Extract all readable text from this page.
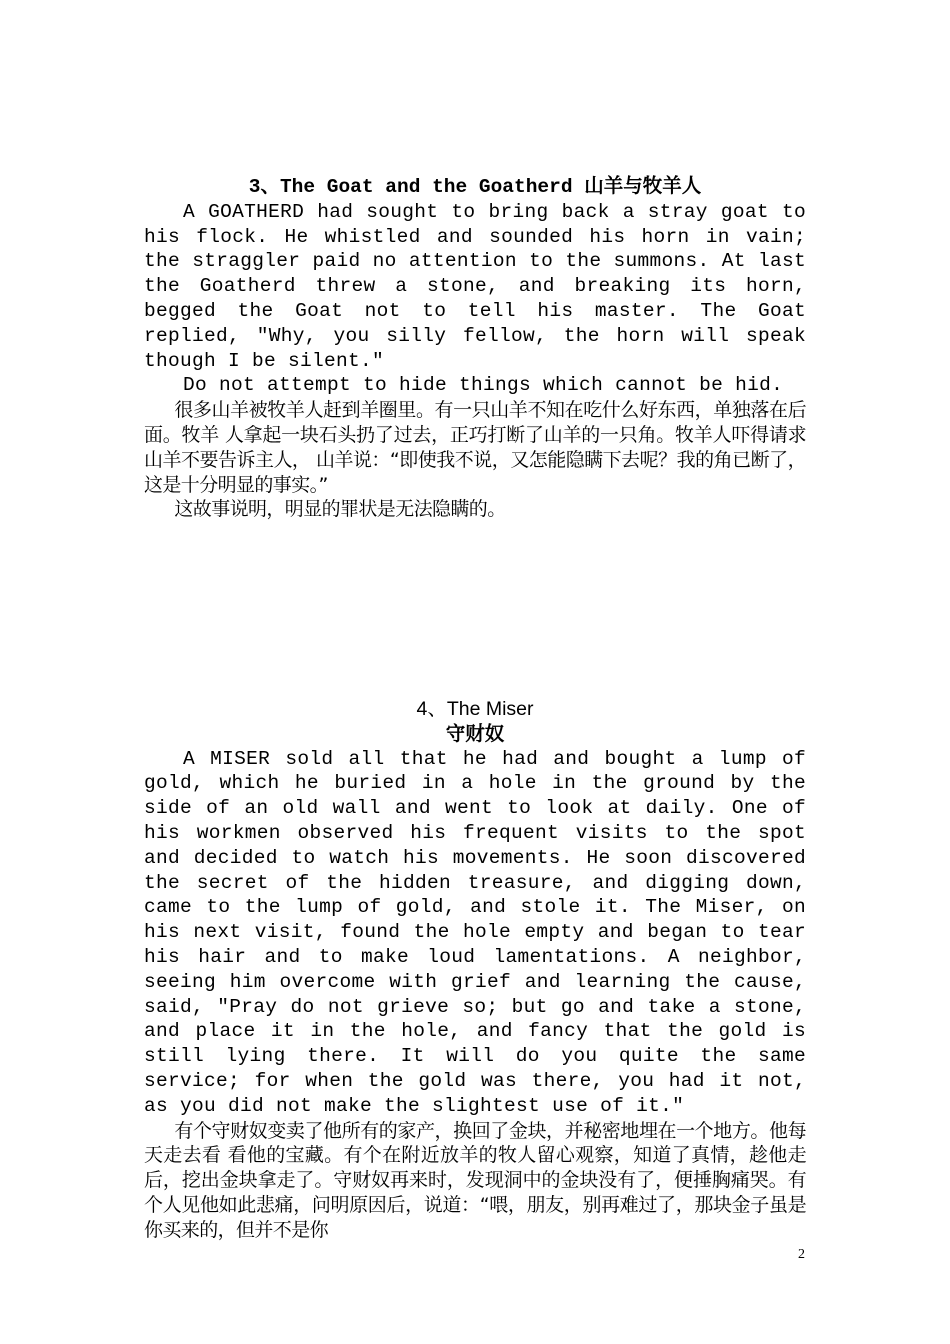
3、The Goat and the Goatherd 山羊与牧羊人

A GOATHERD had sought to bring back a stray goat to his flock. He whistled and sounded his horn in vain; the straggler paid no attention to the summons. At last the Goatherd threw a stone, and breaking its horn, begged the Goat not to tell his master. The Goat replied, ″Why, you silly fellow, the horn will speak though I be silent.″

Do not attempt to hide things which cannot be hid.

很多山羊被牧羊人赶到羊圈里。有一只山羊不知在吃什么好东西，单独落在后面。牧羊 人拿起一块石头扔了过去，正巧打断了山羊的一只角。牧羊人吓得请求山羊不要告诉主人， 山羊说：“即使我不说，又怎能隐瞒下去呢？我的角已断了，这是十分明显的事实。”

这故事说明，明显的罪状是无法隐瞒的。

4、The Miser
守财奴

A MISER sold all that he had and bought a lump of gold, which he buried in a hole in the ground by the side of an old wall and went to look at daily. One of his workmen observed his frequent visits to the spot and decided to watch his movements. He soon discovered the secret of the hidden treasure, and digging down, came to the lump of gold, and stole it. The Miser, on his next visit, found the hole empty and began to tear his hair and to make loud lamentations. A neighbor, seeing him overcome with grief and learning the cause, said, ″Pray do not grieve so; but go and take a stone, and place it in the hole, and fancy that the gold is still lying there. It will do you quite the same service; for when the gold was there, you had it not, as you did not make the slightest use of it.″

有个守财奴变卖了他所有的家产，换回了金块，并秘密地埋在一个地方。他每天走去看 看他的宝藏。有个在附近放羊的牧人留心观察，知道了真情，趁他走后，挖出金块拿走了。守财奴再来时，发现洞中的金块没有了，便捶胸痛哭。有个人见他如此悲痛，问明原因后，说道：“喂，朋友，别再难过了，那块金子虽是你买来的，但并不是你

2
